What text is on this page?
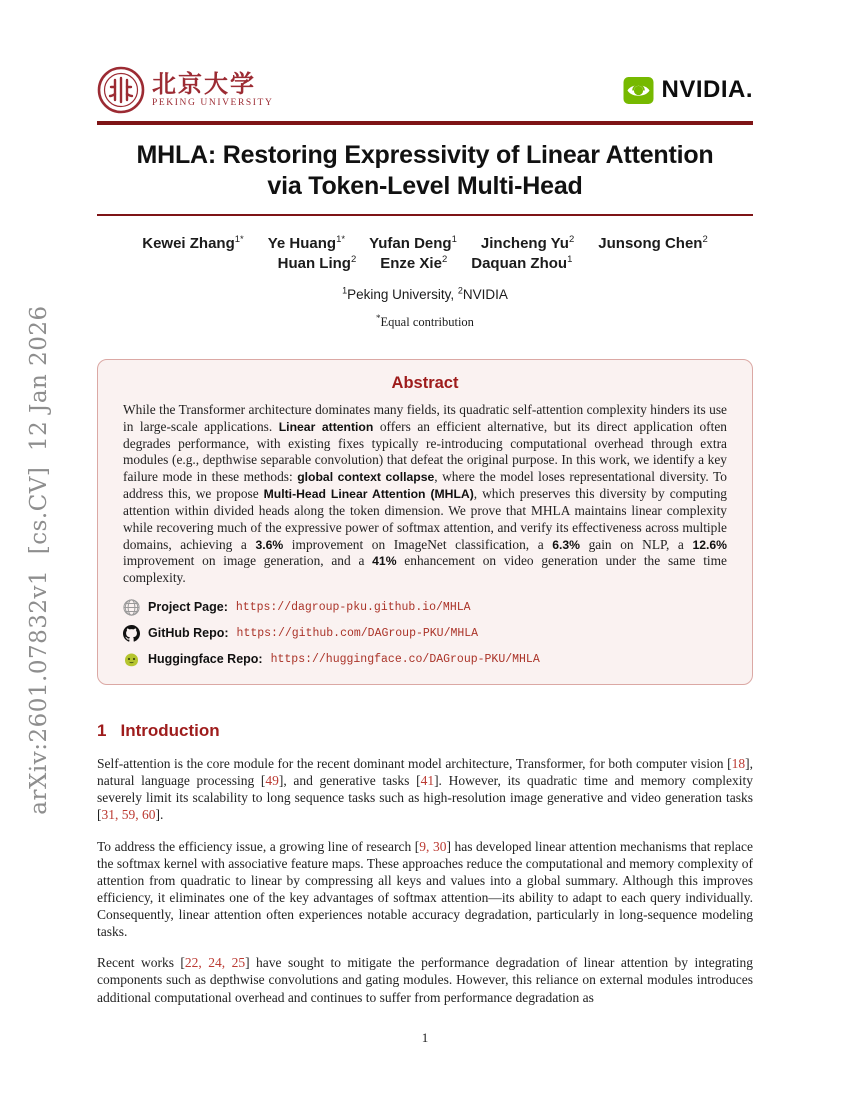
arXiv:2601.07832v1  [cs.CV]  12 Jan 2026
北京大学
PEKING UNIVERSITY	NVIDIA.
MHLA: Restoring Expressivity of Linear Attention
via Token-Level Multi-Head
Kewei Zhang$^{1*}$ Ye Huang$^{1*}$ Yufan Deng$^1$ Jincheng Yu$^2$ Junsong Chen$^2$
Huan Ling$^2$ Enze Xie$^2$ Daquan Zhou$^1$
$^1$Peking University, $^2$NVIDIA
*Equal contribution
Abstract
While the Transformer architecture dominates many fields, its quadratic self-attention complexity hinders its use in large-scale applications. Linear attention offers an efficient alternative, but its direct application often degrades performance, with existing fixes typically re-introducing computational overhead through extra modules (e.g., depthwise separable convolution) that defeat the original purpose. In this work, we identify a key failure mode in these methods: global context collapse, where the model loses representational diversity. To address this, we propose Multi-Head Linear Attention (MHLA), which preserves this diversity by computing attention within divided heads along the token dimension. We prove that MHLA maintains linear complexity while recovering much of the expressive power of softmax attention, and verify its effectiveness across multiple domains, achieving a 3.6% improvement on ImageNet classification, a 6.3% gain on NLP, a 12.6% improvement on image generation, and a 41% enhancement on video generation under the same time complexity.
Project Page: https://dagroup-pku.github.io/MHLA
GitHub Repo: https://github.com/DAGroup-PKU/MHLA
Huggingface Repo: https://huggingface.co/DAGroup-PKU/MHLA
1 Introduction

Self-attention is the core module for the recent dominant model architecture, Transformer, for both computer vision [18], natural language processing [49], and generative tasks [41]. However, its quadratic time and memory complexity severely limit its scalability to long sequence tasks such as high-resolution image generative and video generation tasks [31, 59, 60].

To address the efficiency issue, a growing line of research [9, 30] has developed linear attention mechanisms that replace the softmax kernel with associative feature maps. These approaches reduce the computational and memory complexity of attention from quadratic to linear by compressing all keys and values into a global summary. Although this improves efficiency, it eliminates one of the key advantages of softmax attention—its ability to adapt to each query individually. Consequently, linear attention often experiences notable accuracy degradation, particularly in long-sequence modeling tasks.

Recent works [22, 24, 25] have sought to mitigate the performance degradation of linear attention by integrating components such as depthwise convolutions and gating modules. However, this reliance on external modules introduces additional computational overhead and continues to suffer from performance degradation as

1
